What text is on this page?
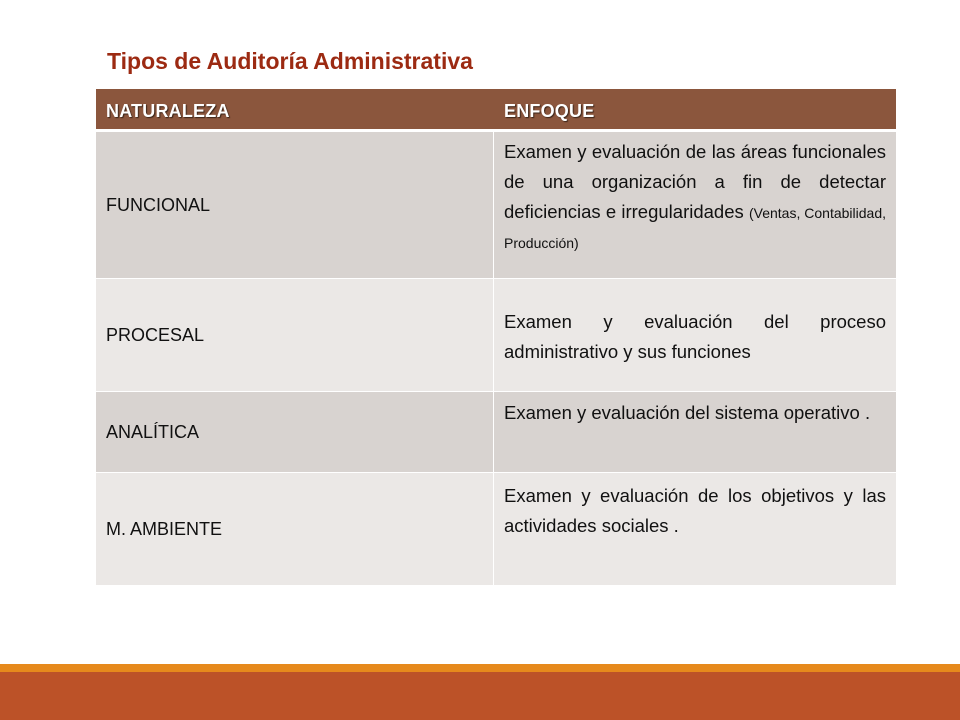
Tipos de Auditoría Administrativa
NATURALEZA	ENFOQUE
FUNCIONAL
Examen y evaluación de las áreas funcionales de una organización a fin de detectar deficiencias e irregularidades (Ventas, Contabilidad, Producción)
PROCESAL
Examen y evaluación del proceso administrativo y sus funciones
ANALÍTICA
Examen y evaluación del sistema operativo .
M. AMBIENTE
Examen y evaluación de los objetivos y las actividades sociales .
